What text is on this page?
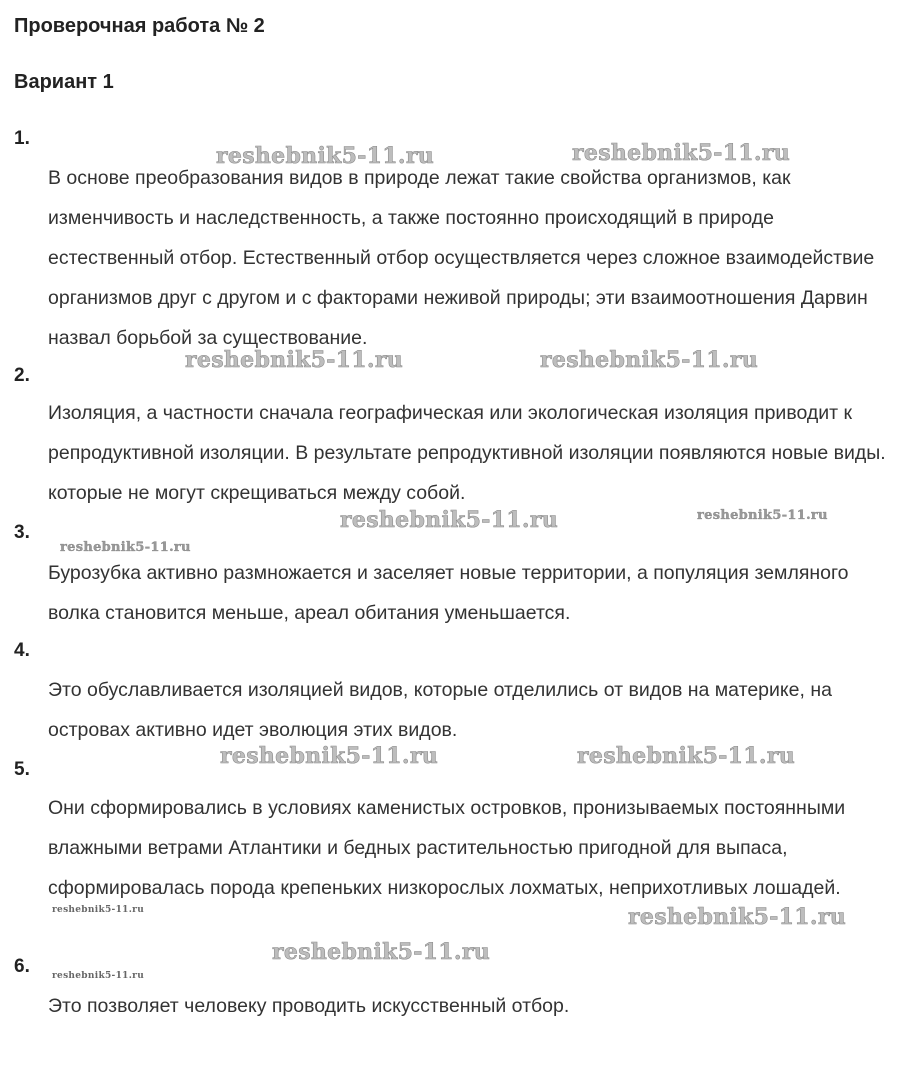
Проверочная работа № 2
Вариант 1
1.

В основе преобразования видов в природе лежат такие свойства организмов, как изменчивость и наследственность, а также постоянно происходящий в природе естественный отбор. Естественный отбор осуществляется через сложное взаимодействие организмов друг с другом и с факторами неживой природы; эти взаимоотношения Дарвин назвал борьбой за существование.

2.

Изоляция, а частности сначала географическая или экологическая изоляция приводит к репродуктивной изоляции. В результате репродуктивной изоляции появляются новые виды. которые не могут скрещиваться между собой.

3.

Бурозубка активно размножается и заселяет новые территории, а популяция земляного волка становится меньше, ареал обитания уменьшается.

4.

Это обуславливается изоляцией видов, которые отделились от видов на материке, на островах активно идет эволюция этих видов.

5.

Они сформировались в условиях каменистых островков, пронизываемых постоянными влажными ветрами Атлантики и бедных растительностью пригодной для выпаса, сформировалась порода крепеньких низкорослых лохматых, неприхотливых лошадей.

6.

Это позволяет человеку проводить искусственный отбор.

reshebnik5-11.ru	reshebnik5-11.ru
reshebnik5-11.ru	reshebnik5-11.ru
reshebnik5-11.ru	reshebnik5-11.ru
reshebnik5-11.ru
reshebnik5-11.ru	reshebnik5-11.ru
reshebnik5-11.ru	reshebnik5-11.ru
reshebnik5-11.ru
reshebnik5-11.ru
